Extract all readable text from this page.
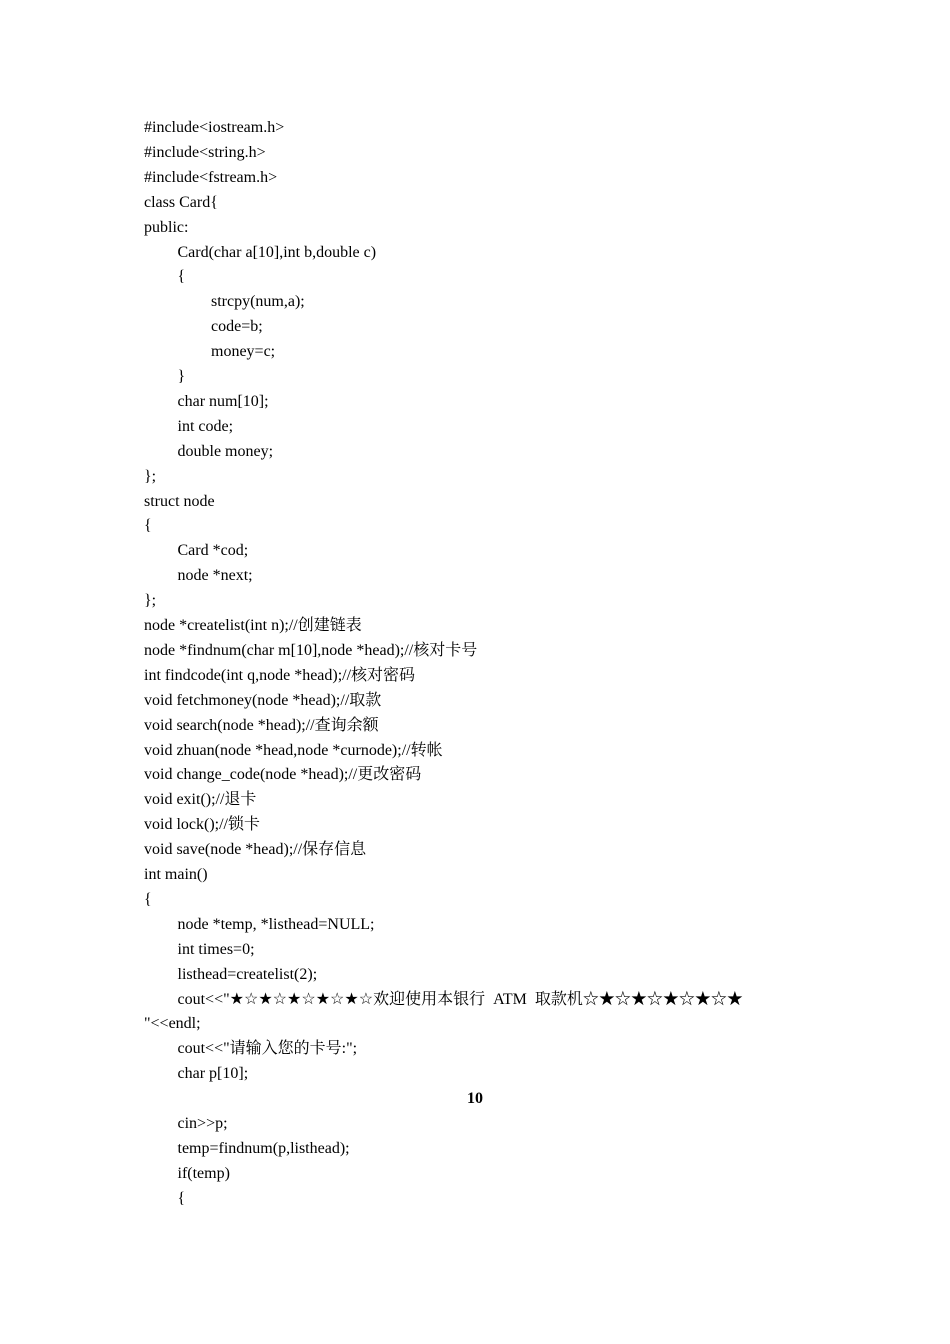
#include<iostream.h>
#include<string.h>
#include<fstream.h>
class Card{
public:
Card(char a[10],int b,double c)
{
strcpy(num,a);
code=b;
money=c;
}
char num[10];
int code;
double money;
};
struct node
{
Card *cod;
node *next;
};
node *createlist(int n);//创建链表
node *findnum(char m[10],node *head);//核对卡号
int findcode(int q,node *head);//核对密码
void fetchmoney(node *head);//取款
void search(node *head);//查询余额
void zhuan(node *head,node *curnode);//转帐
void change_code(node *head);//更改密码
void exit();//退卡
void lock();//锁卡
void save(node *head);//保存信息
int main()
{
node *temp, *listhead=NULL;
int times=0;
listhead=createlist(2);
cout<<"★☆★☆★☆★☆★☆欢迎使用本银行  ATM  取款机☆★☆★☆★☆★☆★
"<<endl;
cout<<"请输入您的卡号:";
char p[10];
10
cin>>p;
temp=findnum(p,listhead);
if(temp)
{
